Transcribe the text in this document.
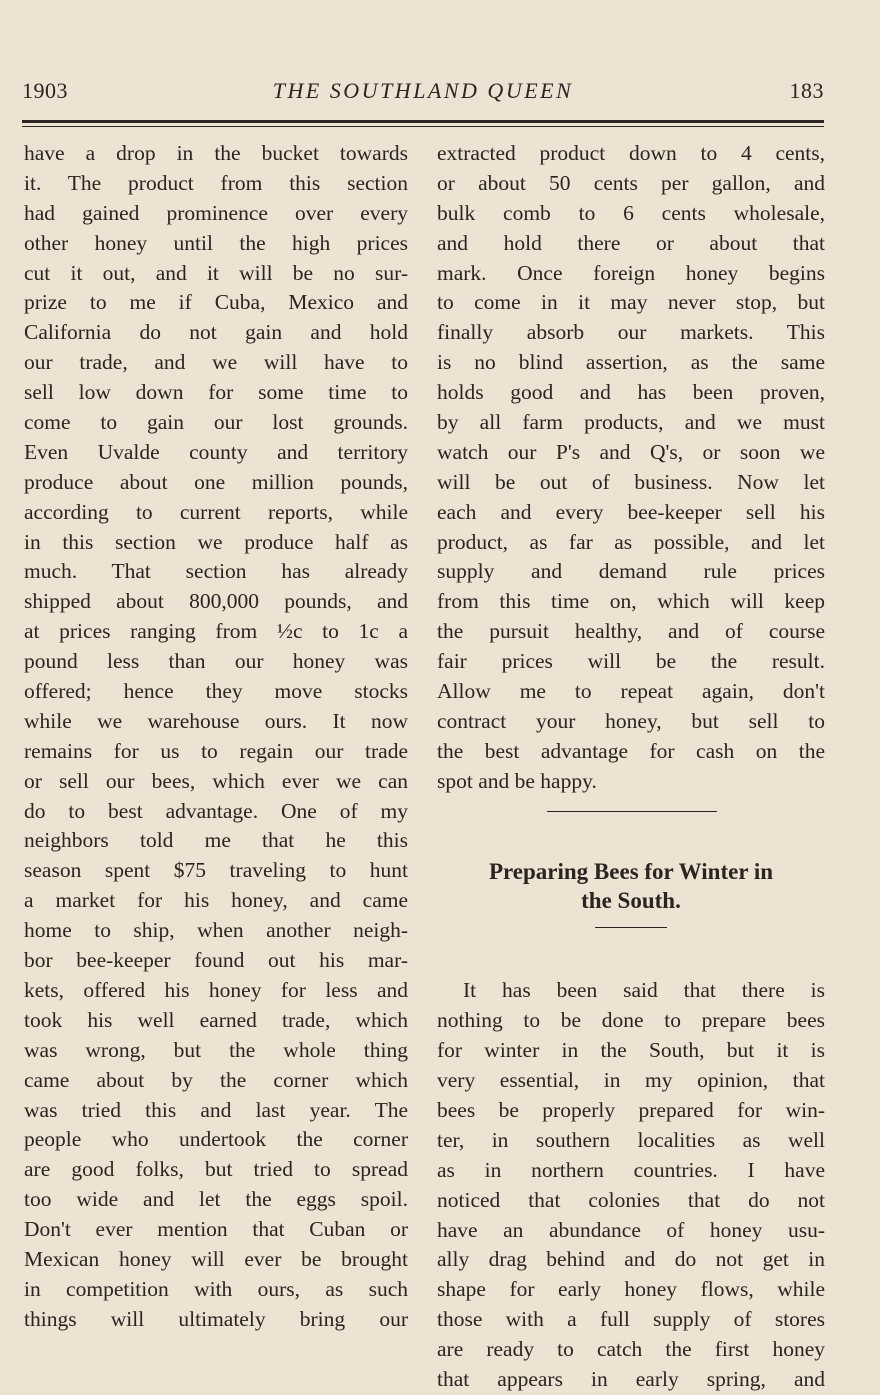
1903	THE SOUTHLAND QUEEN	183
have a drop in the bucket towards
it. The product from this section
had gained prominence over every
other honey until the high prices
cut it out, and it will be no sur-
prize to me if Cuba, Mexico and
California do not gain and hold
our trade, and we will have to
sell low down for some time to
come to gain our lost grounds.
Even Uvalde county and territory
produce about one million pounds,
according to current reports, while
in this section we produce half as
much. That section has already
shipped about 800,000 pounds, and
at prices ranging from ½c to 1c a
pound less than our honey was
offered; hence they move stocks
while we warehouse ours. It now
remains for us to regain our trade
or sell our bees, which ever we can
do to best advantage. One of my
neighbors told me that he this
season spent $75 traveling to hunt
a market for his honey, and came
home to ship, when another neigh-
bor bee-keeper found out his mar-
kets, offered his honey for less and
took his well earned trade, which
was wrong, but the whole thing
came about by the corner which
was tried this and last year. The
people who undertook the corner
are good folks, but tried to spread
too wide and let the eggs spoil.
Don't ever mention that Cuban or
Mexican honey will ever be brought
in competition with ours, as such
things will ultimately bring our
extracted product down to 4 cents,
or about 50 cents per gallon, and
bulk comb to 6 cents wholesale,
and hold there or about that
mark. Once foreign honey begins
to come in it may never stop, but
finally absorb our markets. This
is no blind assertion, as the same
holds good and has been proven,
by all farm products, and we must
watch our P's and Q's, or soon we
will be out of business. Now let
each and every bee-keeper sell his
product, as far as possible, and let
supply and demand rule prices
from this time on, which will keep
the pursuit healthy, and of course
fair prices will be the result.
Allow me to repeat again, don't
contract your honey, but sell to
the best advantage for cash on the
spot and be happy.
Preparing Bees for Winter in
the South.
It has been said that there is
nothing to be done to prepare bees
for winter in the South, but it is
very essential, in my opinion, that
bees be properly prepared for win-
ter, in southern localities as well
as in northern countries. I have
noticed that colonies that do not
have an abundance of honey usu-
ally drag behind and do not get in
shape for early honey flows, while
those with a full supply of stores
are ready to catch the first honey
that appears in early spring, and
